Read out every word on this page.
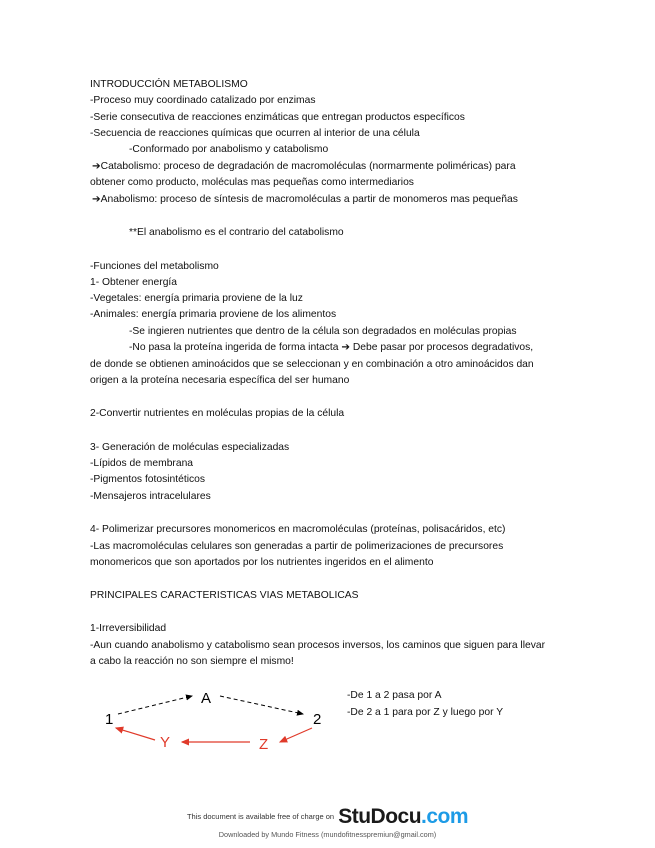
INTRODUCCIÓN METABOLISMO
-Proceso muy coordinado catalizado por enzimas
-Serie consecutiva de reacciones enzimáticas que entregan productos específicos
-Secuencia de reacciones químicas que ocurren al interior de una célula
-Conformado por anabolismo y catabolismo
➔Catabolismo: proceso de degradación de macromoléculas (normarmente poliméricas) para
obtener como producto, moléculas mas pequeñas como intermediarios
➔Anabolismo: proceso de síntesis de macromoléculas a partir de monomeros mas pequeñas
**El anabolismo es el contrario del catabolismo
-Funciones del metabolismo
1- Obtener energía
-Vegetales: energía primaria proviene de la luz
-Animales: energía primaria proviene de los alimentos
-Se ingieren nutrientes que dentro de la célula son degradados en moléculas propias
-No pasa la proteína ingerida de forma intacta ➔ Debe pasar por procesos degradativos,
de donde se obtienen aminoácidos que se seleccionan y en combinación a otro aminoácidos dan
origen a la proteína necesaria específica del ser humano
2-Convertir nutrientes en moléculas propias de la célula
3- Generación de moléculas especializadas
-Lípidos de membrana
-Pigmentos fotosintéticos
-Mensajeros intracelulares
4- Polimerizar precursores monomericos en macromoléculas (proteínas, polisacáridos, etc)
-Las macromoléculas celulares son generadas a partir de polimerizaciones de precursores
monomericos que son aportados por los nutrientes ingeridos en el alimento
PRINCIPALES CARACTERISTICAS VIAS METABOLICAS
1-Irreversibilidad
-Aun cuando anabolismo y catabolismo sean procesos inversos, los caminos que siguen para llevar
a cabo la reacción no son siempre el mismo!
1
A
2
Y	Z
-De 1 a 2 pasa por A
-De 2 a 1 para por Z y luego por Y
This document is available free of charge on StuDocu.com
Downloaded by Mundo Fitness (mundofitnesspremiun@gmail.com)
